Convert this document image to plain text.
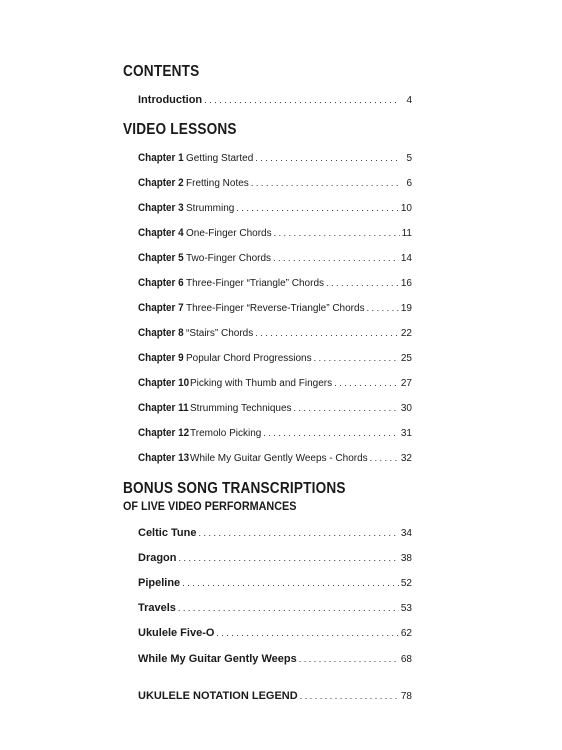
CONTENTS
Introduction . . .	4
VIDEO LESSONS
Chapter 1 Getting Started . . .	5
Chapter 2 Fretting Notes . . .	6
Chapter 3 Strumming . . .	10
Chapter 4 One-Finger Chords . . .	11
Chapter 5 Two-Finger Chords . . .	14
Chapter 6 Three-Finger “Triangle” Chords . . .	16
Chapter 7 Three-Finger “Reverse-Triangle” Chords . . .	19
Chapter 8 “Stairs” Chords . . .	22
Chapter 9 Popular Chord Progressions . . .	25
Chapter 10 Picking with Thumb and Fingers . . .	27
Chapter 11 Strumming Techniques . . .	30
Chapter 12 Tremolo Picking . . .	31
Chapter 13 While My Guitar Gently Weeps - Chords . . .	32
BONUS SONG TRANSCRIPTIONS
OF LIVE VIDEO PERFORMANCES
Celtic Tune . . .	34
Dragon . . .	38
Pipeline . . .	52
Travels . . .	53
Ukulele Five-O . . .	62
While My Guitar Gently Weeps . . .	68
UKULELE NOTATION LEGEND . . .	78
